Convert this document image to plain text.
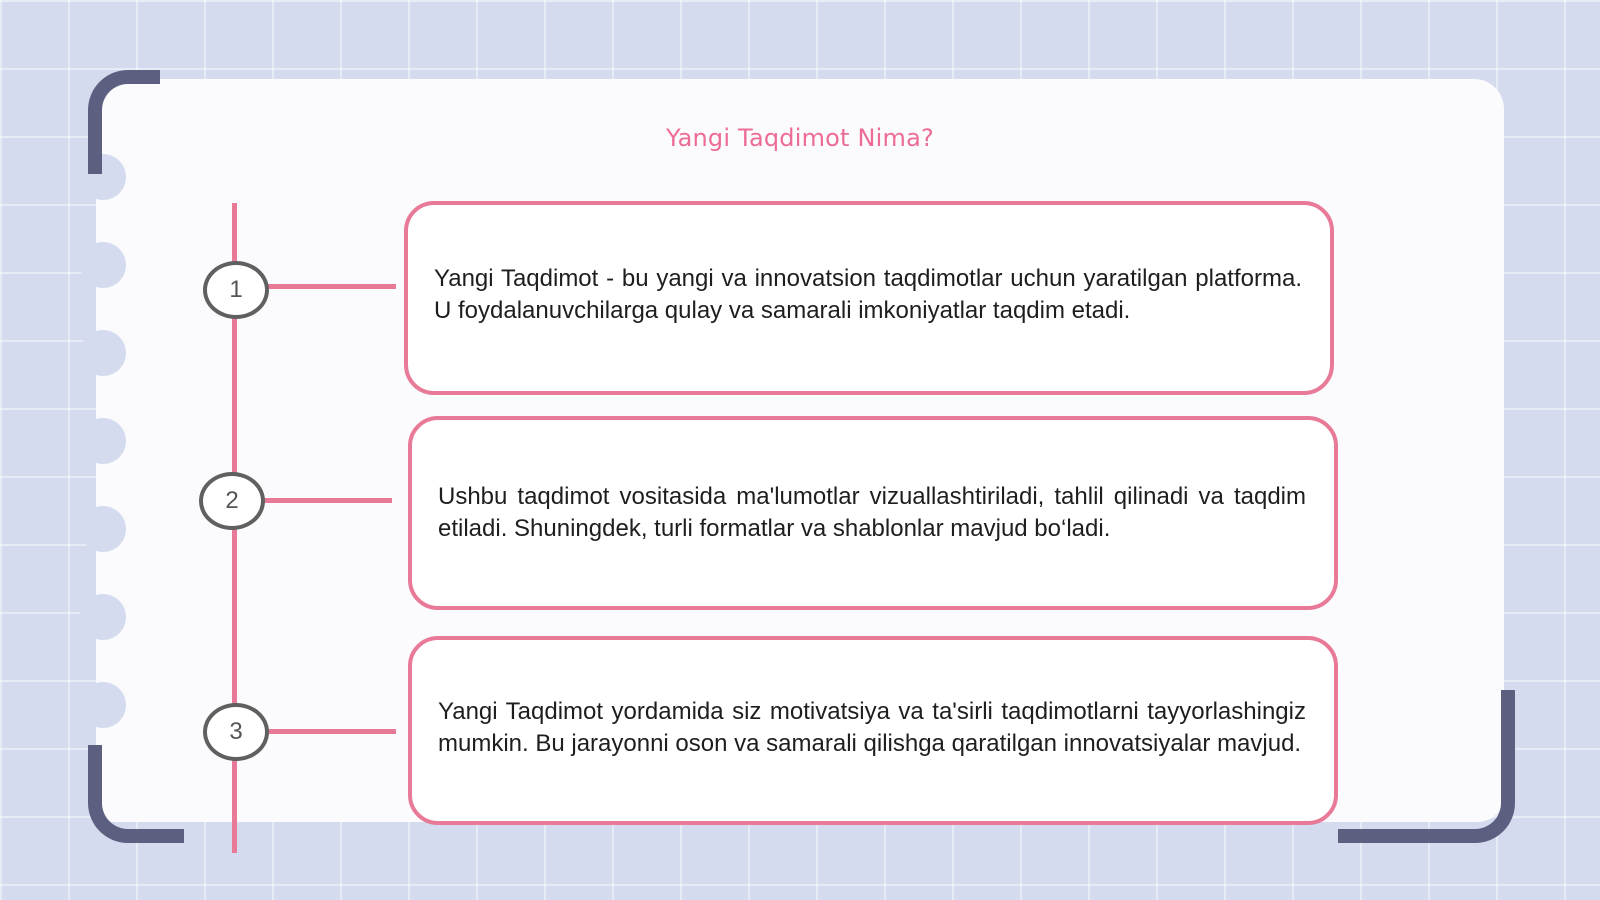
Yangi Taqdimot Nima?
1
2
3

Yangi Taqdimot - bu yangi va innovatsion taqdimotlar uchun yaratilgan platforma. U foydalanuvchilarga qulay va samarali imkoniyatlar taqdim etadi.

Ushbu taqdimot vositasida ma'lumotlar vizuallashtiriladi, tahlil qilinadi va taqdim etiladi. Shuningdek, turli formatlar va shablonlar mavjud bo‘ladi.

Yangi Taqdimot yordamida siz motivatsiya va ta'sirli taqdimotlarni tayyorlashingiz mumkin. Bu jarayonni oson va samarali qilishga qaratilgan innovatsiyalar mavjud.
